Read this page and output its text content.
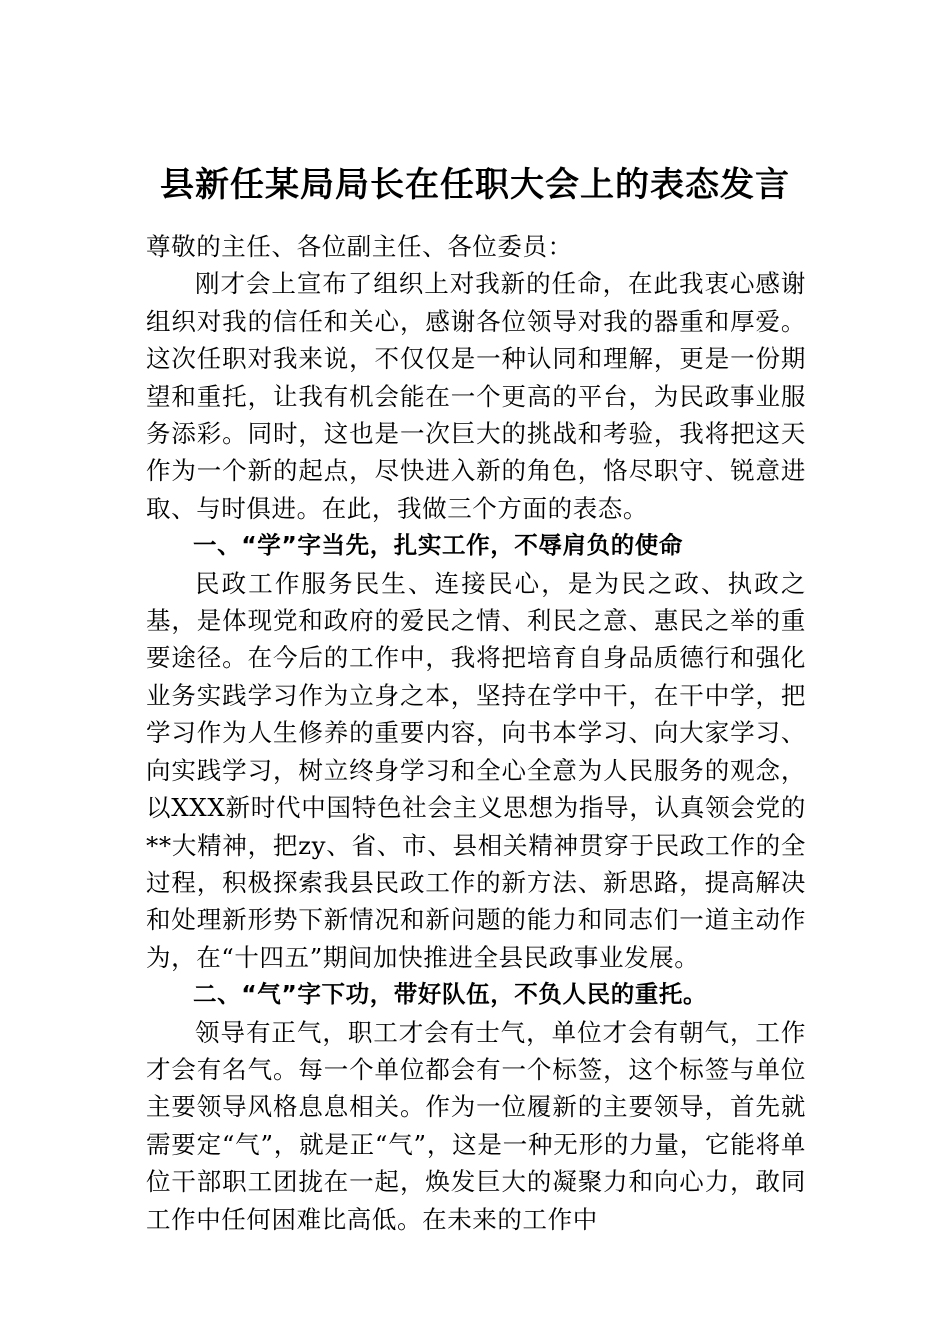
县新任某局局长在任职大会上的表态发言

尊敬的主任、各位副主任、各位委员：

刚才会上宣布了组织上对我新的任命，在此我衷心感谢组织对我的信任和关心，感谢各位领导对我的器重和厚爱。这次任职对我来说，不仅仅是一种认同和理解，更是一份期望和重托，让我有机会能在一个更高的平台，为民政事业服务添彩。同时，这也是一次巨大的挑战和考验，我将把这天作为一个新的起点，尽快进入新的角色，恪尽职守、锐意进取、与时俱进。在此，我做三个方面的表态。

一、“学”字当先，扎实工作，不辱肩负的使命

民政工作服务民生、连接民心，是为民之政、执政之基，是体现党和政府的爱民之情、利民之意、惠民之举的重要途径。在今后的工作中，我将把培育自身品质德行和强化业务实践学习作为立身之本，坚持在学中干，在干中学，把学习作为人生修养的重要内容，向书本学习、向大家学习、向实践学习，树立终身学习和全心全意为人民服务的观念，以XXX新时代中国特色社会主义思想为指导，认真领会党的**大精神，把zy、省、市、县相关精神贯穿于民政工作的全过程，积极探索我县民政工作的新方法、新思路，提高解决和处理新形势下新情况和新问题的能力和同志们一道主动作为，在“十四五”期间加快推进全县民政事业发展。

二、“气”字下功，带好队伍，不负人民的重托。

领导有正气，职工才会有士气，单位才会有朝气，工作才会有名气。每一个单位都会有一个标签，这个标签与单位主要领导风格息息相关。作为一位履新的主要领导，首先就需要定“气”，就是正“气”，这是一种无形的力量，它能将单位干部职工团拢在一起，焕发巨大的凝聚力和向心力，敢同工作中任何困难比高低。在未来的工作中
